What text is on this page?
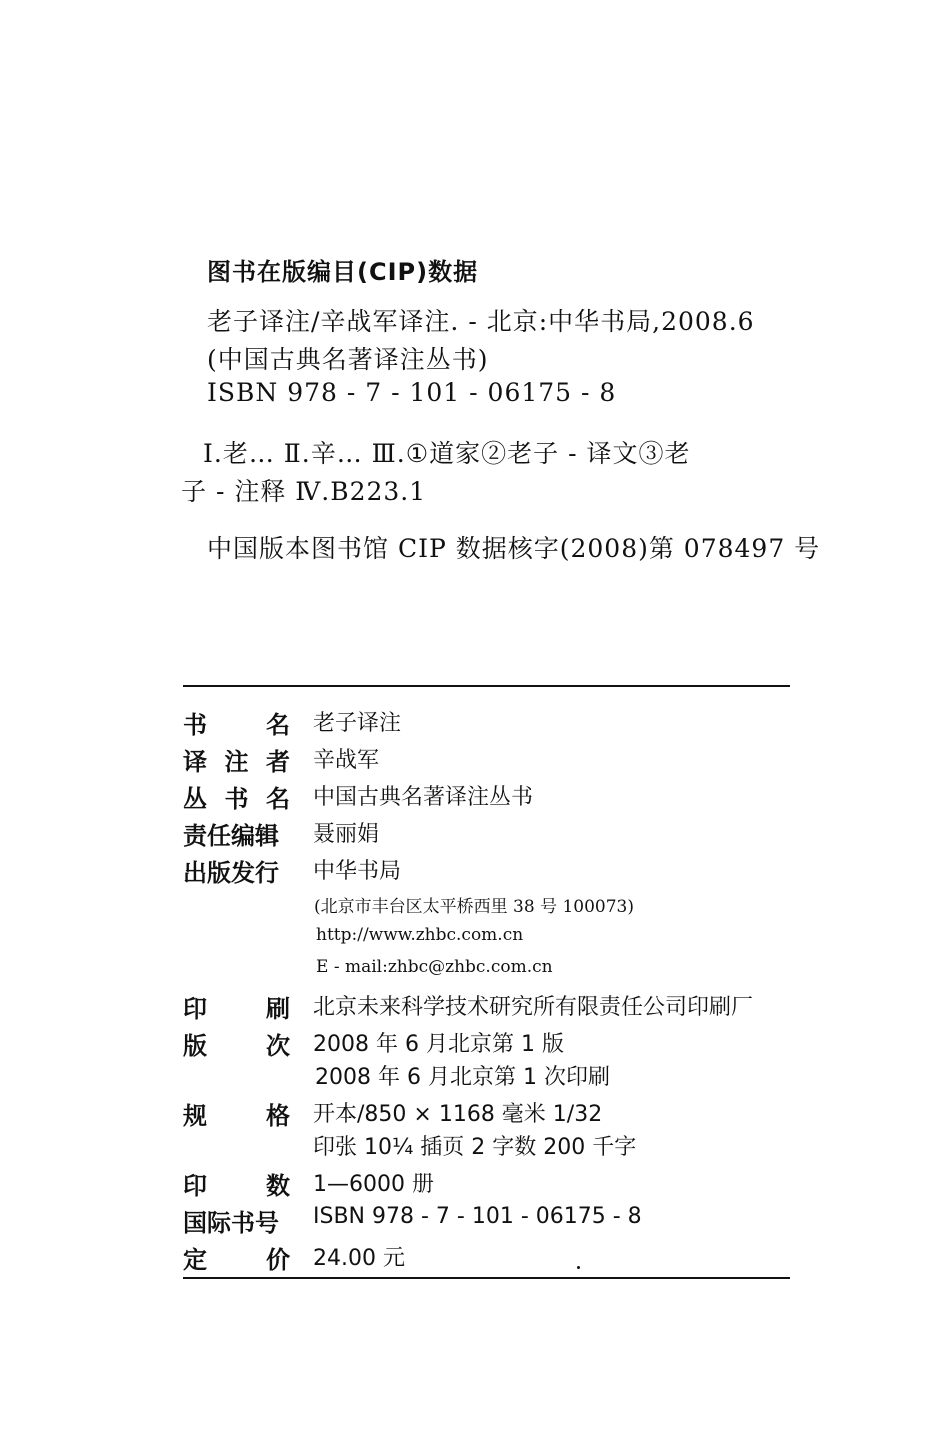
图书在版编目(CIP)数据
老子译注/辛战军译注. - 北京:中华书局,2008.6
(中国古典名著译注丛书)
ISBN 978 - 7 - 101 - 06175 - 8
Ⅰ.老… Ⅱ.辛… Ⅲ.①道家②老子 - 译文③老
子 - 注释 Ⅳ.B223.1
中国版本图书馆 CIP 数据核字(2008)第 078497 号
书 名 老子译注
译 注 者 辛战军
丛 书 名 中国古典名著译注丛书
责任编辑 聂丽娟
出版发行 中华书局
(北京市丰台区太平桥西里 38 号 100073)
http://www.zhbc.com.cn
E - mail:zhbc@zhbc.com.cn
印 刷 北京未来科学技术研究所有限责任公司印刷厂
版 次 2008 年 6 月北京第 1 版
2008 年 6 月北京第 1 次印刷
规 格 开本/850 × 1168 毫米 1/32
印张 10¼ 插页 2 字数 200 千字
印 数 1—6000 册
国际书号 ISBN 978 - 7 - 101 - 06175 - 8
定 价 24.00 元
